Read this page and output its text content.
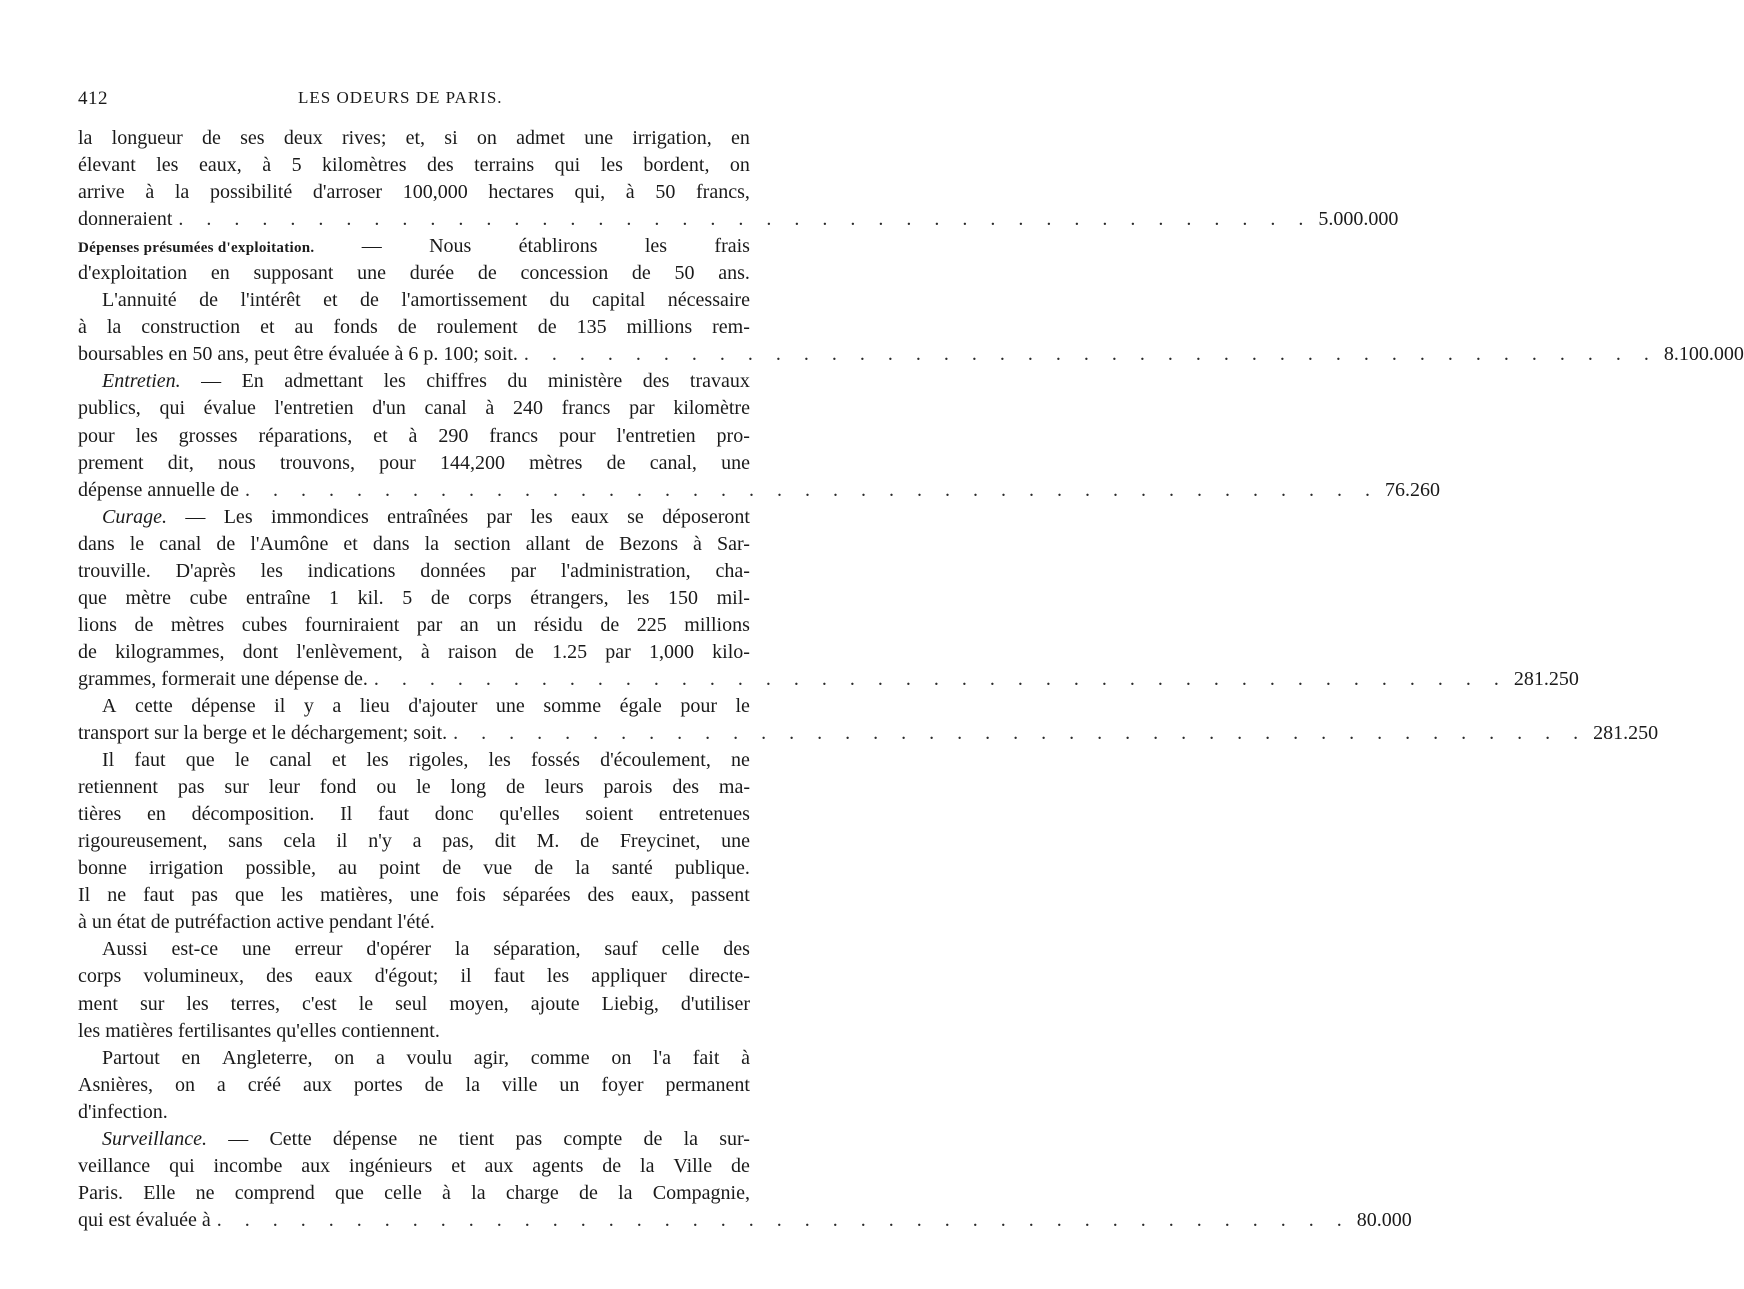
412	LES ODEURS DE PARIS.
la longueur de ses deux rives; et, si on admet une irrigation, en
élevant les eaux, à 5 kilomètres des terrains qui les bordent, on
arrive à la possibilité d'arroser 100,000 hectares qui, à 50 francs,
donneraient . . . . . . . . . . . . . . . . . . . . . . . . . . . . . . . . . . . . . . . . . 5.000.000
Dépenses présumées d'exploitation. — Nous établirons les frais
d'exploitation en supposant une durée de concession de 50 ans.
L'annuité de l'intérêt et de l'amortissement du capital nécessaire
à la construction et au fonds de roulement de 135 millions rem-
boursables en 50 ans, peut être évaluée à 6 p. 100; soit. . . . . . . . . . . . . . . . . . . . . . . . . . . . . . . . . . . . . . . . . . 8.100.000
Entretien. — En admettant les chiffres du ministère des travaux
publics, qui évalue l'entretien d'un canal à 240 francs par kilomètre
pour les grosses réparations, et à 290 francs pour l'entretien pro-
prement dit, nous trouvons, pour 144,200 mètres de canal, une
dépense annuelle de . . . . . . . . . . . . . . . . . . . . . . . . . . . . . . . . . . . . . . . . . 76.260
Curage. — Les immondices entraînées par les eaux se déposeront
dans le canal de l'Aumône et dans la section allant de Bezons à Sar-
trouville. D'après les indications données par l'administration, cha-
que mètre cube entraîne 1 kil. 5 de corps étrangers, les 150 mil-
lions de mètres cubes fourniraient par an un résidu de 225 millions
de kilogrammes, dont l'enlèvement, à raison de 1.25 par 1,000 kilo-
grammes, formerait une dépense de. . . . . . . . . . . . . . . . . . . . . . . . . . . . . . . . . . . . . . . . . . 281.250
A cette dépense il y a lieu d'ajouter une somme égale pour le
transport sur la berge et le déchargement; soit. . . . . . . . . . . . . . . . . . . . . . . . . . . . . . . . . . . . . . . . . . 281.250
Il faut que le canal et les rigoles, les fossés d'écoulement, ne
retiennent pas sur leur fond ou le long de leurs parois des ma-
tières en décomposition. Il faut donc qu'elles soient entretenues
rigoureusement, sans cela il n'y a pas, dit M. de Freycinet, une
bonne irrigation possible, au point de vue de la santé publique.
Il ne faut pas que les matières, une fois séparées des eaux, passent
à un état de putréfaction active pendant l'été.
Aussi est-ce une erreur d'opérer la séparation, sauf celle des
corps volumineux, des eaux d'égout; il faut les appliquer directe-
ment sur les terres, c'est le seul moyen, ajoute Liebig, d'utiliser
les matières fertilisantes qu'elles contiennent.
Partout en Angleterre, on a voulu agir, comme on l'a fait à
Asnières, on a créé aux portes de la ville un foyer permanent
d'infection.
Surveillance. — Cette dépense ne tient pas compte de la sur-
veillance qui incombe aux ingénieurs et aux agents de la Ville de
Paris. Elle ne comprend que celle à la charge de la Compagnie,
qui est évaluée à . . . . . . . . . . . . . . . . . . . . . . . . . . . . . . . . . . . . . . . . . 80.000
